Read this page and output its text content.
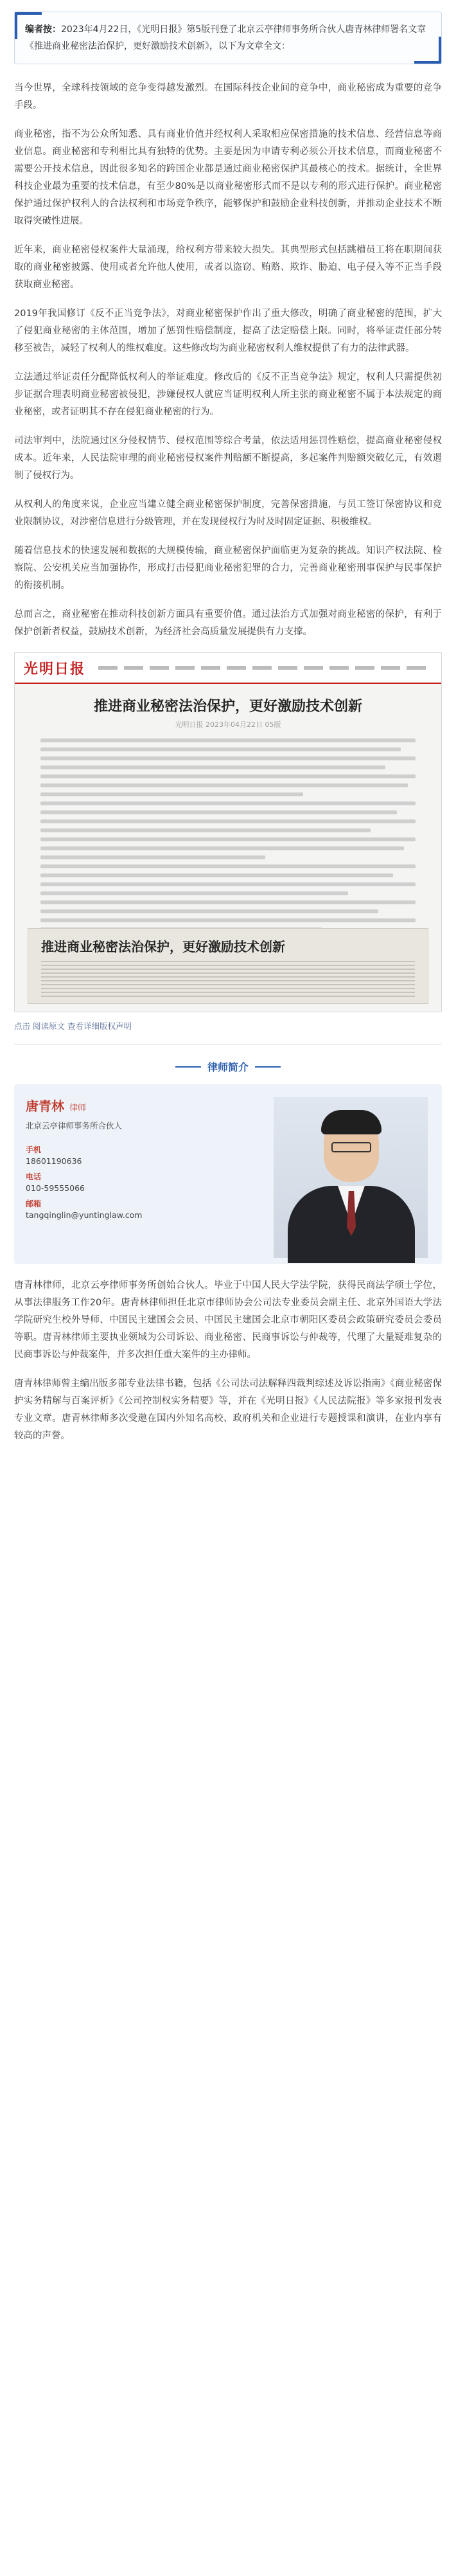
编者按：2023年4月22日，《光明日报》第5版刊登了北京云亭律师事务所合伙人唐青林律师署名文章《推进商业秘密法治保护，更好激励技术创新》，以下为文章全文：

当今世界，全球科技领域的竞争变得越发激烈。在国际科技企业间的竞争中，商业秘密成为重要的竞争手段。

商业秘密，指不为公众所知悉、具有商业价值并经权利人采取相应保密措施的技术信息、经营信息等商业信息。商业秘密和专利相比具有独特的优势。主要是因为申请专利必须公开技术信息，而商业秘密不需要公开技术信息，因此很多知名的跨国企业都是通过商业秘密保护其最核心的技术。据统计，全世界科技企业最为重要的技术信息，有至少80%是以商业秘密形式而不是以专利的形式进行保护。商业秘密保护通过保护权利人的合法权利和市场竞争秩序，能够保护和鼓励企业科技创新，并推动企业技术不断取得突破性进展。

近年来，商业秘密侵权案件大量涌现，给权利方带来较大损失。其典型形式包括跳槽员工将在职期间获取的商业秘密披露、使用或者允许他人使用，或者以盗窃、贿赂、欺诈、胁迫、电子侵入等不正当手段获取商业秘密。

2019年我国修订《反不正当竞争法》，对商业秘密保护作出了重大修改，明确了商业秘密的范围，扩大了侵犯商业秘密的主体范围，增加了惩罚性赔偿制度，提高了法定赔偿上限。同时，将举证责任部分转移至被告，减轻了权利人的维权难度。这些修改均为商业秘密权利人维权提供了有力的法律武器。

立法通过举证责任分配降低权利人的举证难度。修改后的《反不正当竞争法》规定，权利人只需提供初步证据合理表明商业秘密被侵犯，涉嫌侵权人就应当证明权利人所主张的商业秘密不属于本法规定的商业秘密，或者证明其不存在侵犯商业秘密的行为。

司法审判中，法院通过区分侵权情节、侵权范围等综合考量，依法适用惩罚性赔偿，提高商业秘密侵权成本。近年来，人民法院审理的商业秘密侵权案件判赔额不断提高，多起案件判赔额突破亿元，有效遏制了侵权行为。

从权利人的角度来说，企业应当建立健全商业秘密保护制度，完善保密措施，与员工签订保密协议和竞业限制协议，对涉密信息进行分级管理，并在发现侵权行为时及时固定证据、积极维权。

随着信息技术的快速发展和数据的大规模传输，商业秘密保护面临更为复杂的挑战。知识产权法院、检察院、公安机关应当加强协作，形成打击侵犯商业秘密犯罪的合力，完善商业秘密刑事保护与民事保护的衔接机制。

总而言之，商业秘密在推动科技创新方面具有重要价值。通过法治方式加强对商业秘密的保护，有利于保护创新者权益，鼓励技术创新，为经济社会高质量发展提供有力支撑。

光明日报
推进商业秘密法治保护，更好激励技术创新
光明日报 2023年04月22日 05版
推进商业秘密法治保护，更好激励技术创新
点击 阅读原文 查看详细版权声明
律师简介
唐青林 律师
北京云亭律师事务所合伙人
手机
18601190636
电话
010-59555066
邮箱
tangqinglin@yuntinglaw.com

唐青林律师，北京云亭律师事务所创始合伙人。毕业于中国人民大学法学院，获得民商法学硕士学位，从事法律服务工作20年。唐青林律师担任北京市律师协会公司法专业委员会副主任、北京外国语大学法学院研究生校外导师、中国民主建国会会员、中国民主建国会北京市朝阳区委员会政策研究委员会委员等职。唐青林律师主要执业领域为公司诉讼、商业秘密、民商事诉讼与仲裁等，代理了大量疑难复杂的民商事诉讼与仲裁案件，并多次担任重大案件的主办律师。

唐青林律师曾主编出版多部专业法律书籍，包括《公司法司法解释四裁判综述及诉讼指南》《商业秘密保护实务精解与百案评析》《公司控制权实务精要》等，并在《光明日报》《人民法院报》等多家报刊发表专业文章。唐青林律师多次受邀在国内外知名高校、政府机关和企业进行专题授课和演讲，在业内享有较高的声誉。
